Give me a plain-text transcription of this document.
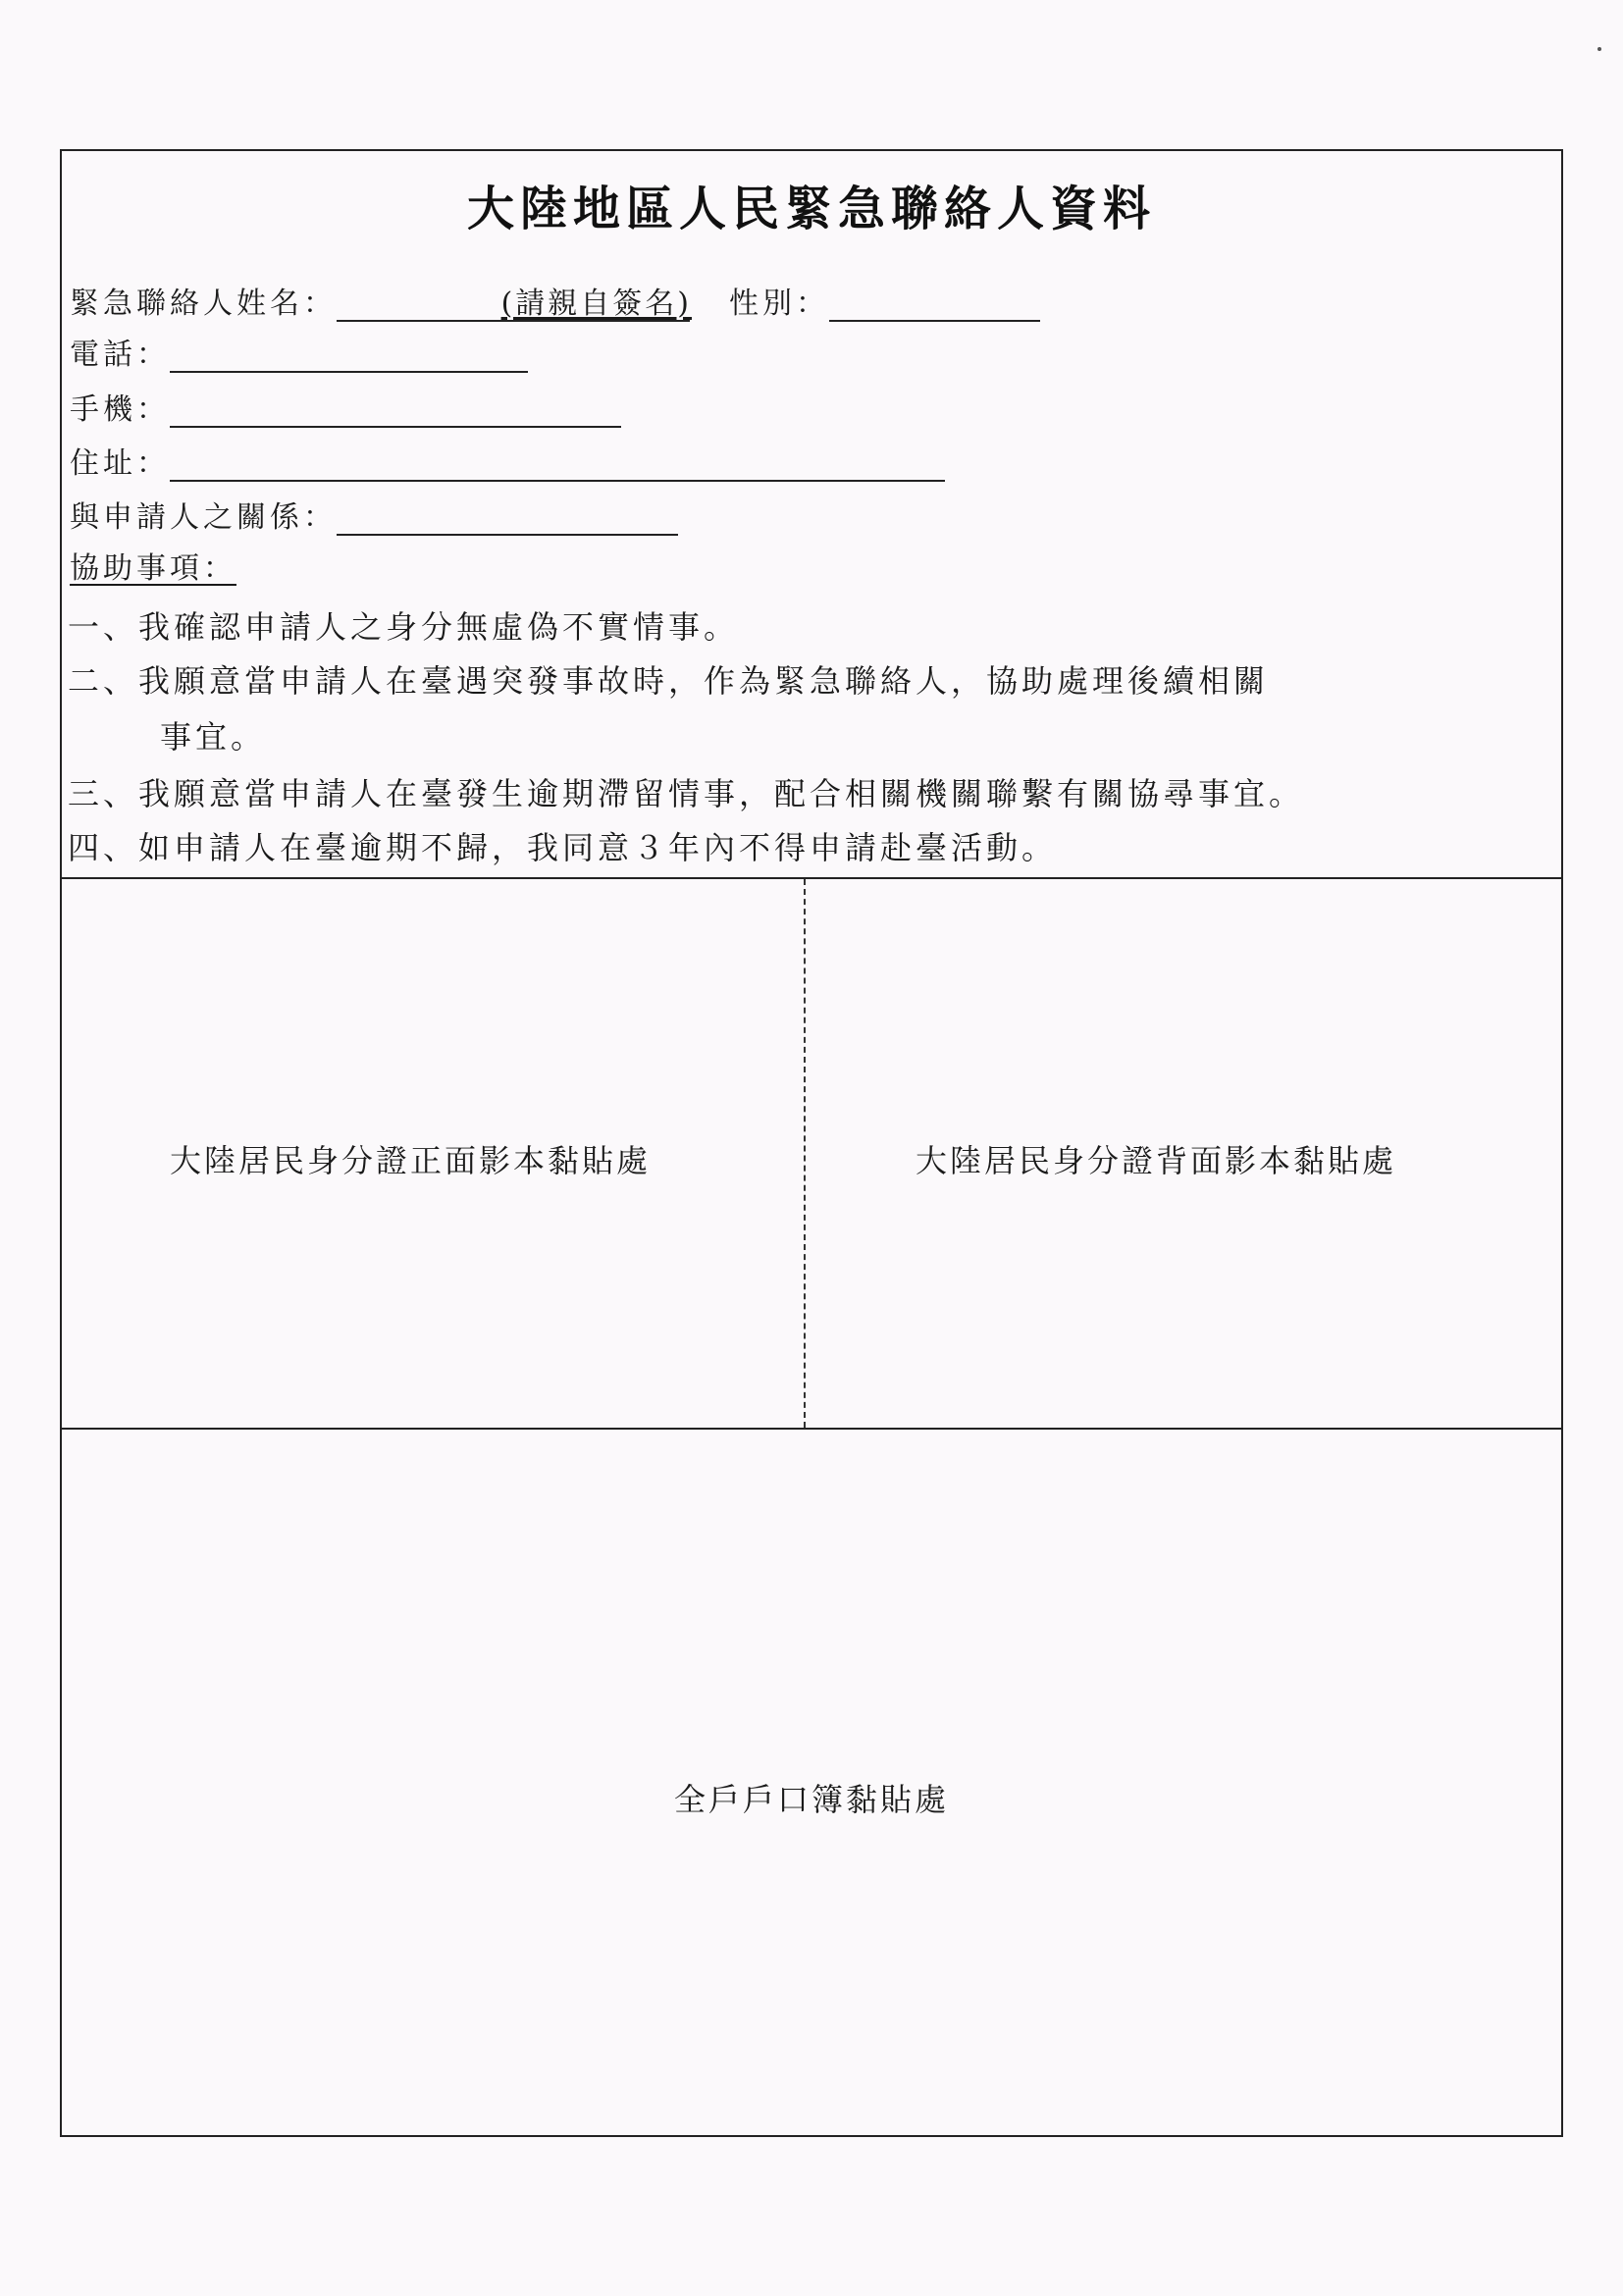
大陸地區人民緊急聯絡人資料
緊急聯絡人姓名：	(請親自簽名) 性別：
電話：
手機：
住址：
與申請人之關係：
協助事項：
一、我確認申請人之身分無虛偽不實情事。
二、我願意當申請人在臺遇突發事故時，作為緊急聯絡人，協助處理後續相關
事宜。
三、我願意當申請人在臺發生逾期滯留情事，配合相關機關聯繫有關協尋事宜。
四、如申請人在臺逾期不歸，我同意３年內不得申請赴臺活動。
大陸居民身分證正面影本黏貼處	大陸居民身分證背面影本黏貼處
全戶戶口簿黏貼處
